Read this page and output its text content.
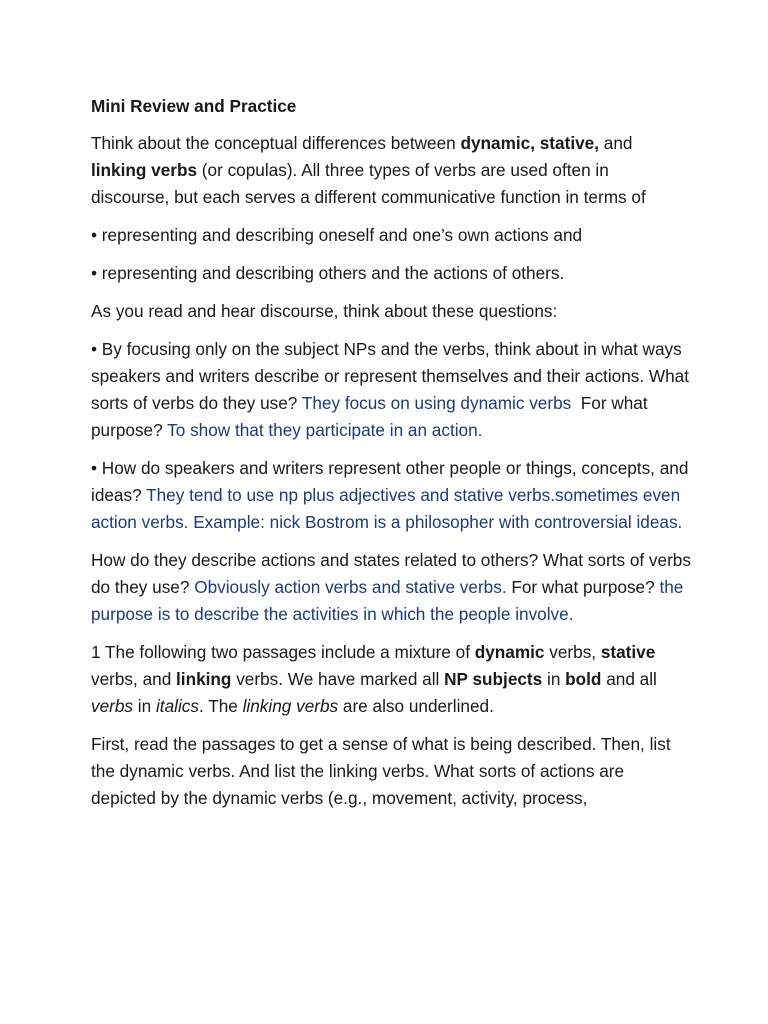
Mini Review and Practice

Think about the conceptual differences between dynamic, stative, and linking verbs (or copulas). All three types of verbs are used often in discourse, but each serves a different communicative function in terms of

• representing and describing oneself and one’s own actions and

• representing and describing others and the actions of others.

As you read and hear discourse, think about these questions:

• By focusing only on the subject NPs and the verbs, think about in what ways speakers and writers describe or represent themselves and their actions. What sorts of verbs do they use? They focus on using dynamic verbs  For what purpose? To show that they participate in an action.

• How do speakers and writers represent other people or things, concepts, and ideas? They tend to use np plus adjectives and stative verbs.sometimes even action verbs. Example: nick Bostrom is a philosopher with controversial ideas.

How do they describe actions and states related to others? What sorts of verbs do they use? Obviously action verbs and stative verbs. For what purpose? the purpose is to describe the activities in which the people involve.

1 The following two passages include a mixture of dynamic verbs, stative verbs, and linking verbs. We have marked all NP subjects in bold and all verbs in italics. The linking verbs are also underlined.

First, read the passages to get a sense of what is being described. Then, list the dynamic verbs. And list the linking verbs. What sorts of actions are depicted by the dynamic verbs (e.g., movement, activity, process,
